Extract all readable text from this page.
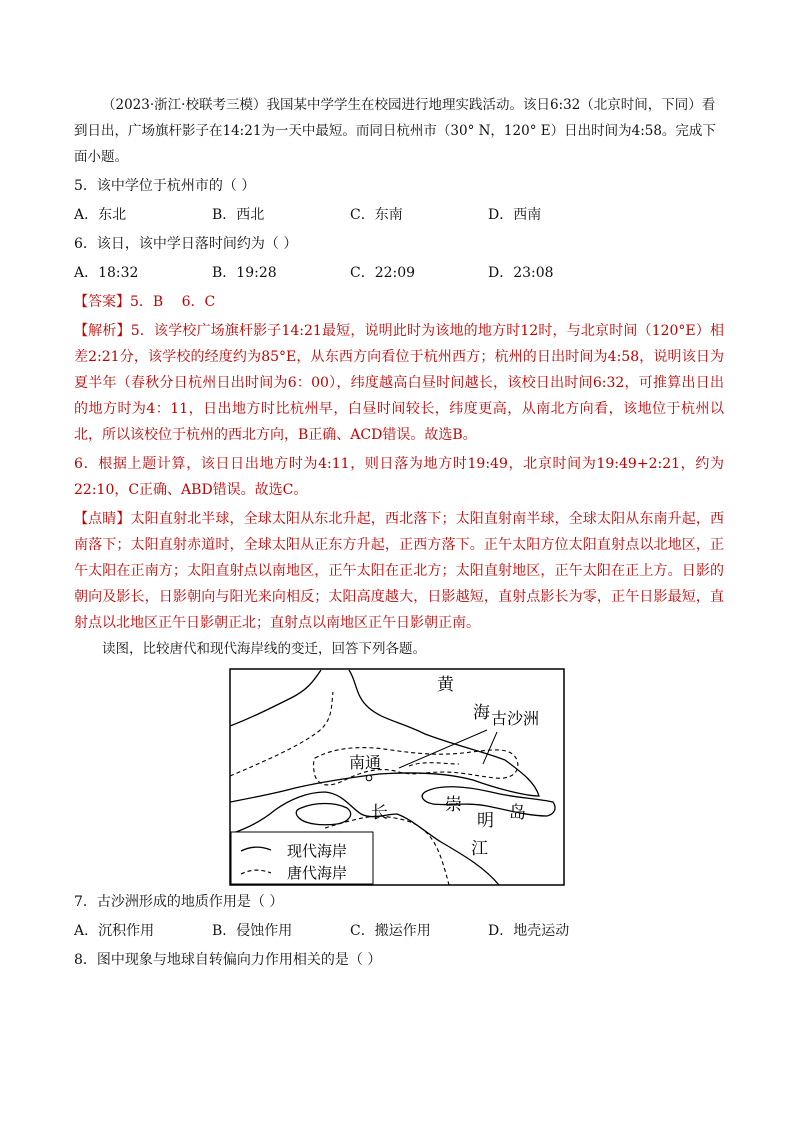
（2023·浙江·校联考三模）我国某中学学生在校园进行地理实践活动。该日6:32（北京时间，下同）看到日出，广场旗杆影子在14:21为一天中最短。而同日杭州市（30° N，120° E）日出时间为4:58。完成下面小题。

5．该中学位于杭州市的（ ）

A．东北	B．西北	C．东南	D．西南

6．该日，该中学日落时间约为（ ）

A．18:32	B．19:28	C．22:09	D．23:08

【答案】5．B　 6．C

【解析】5．该学校广场旗杆影子14:21最短，说明此时为该地的地方时12时，与北京时间（120°E）相差2:21分，该学校的经度约为85°E，从东西方向看位于杭州西方；杭州的日出时间为4:58，说明该日为夏半年（春秋分日杭州日出时间为6：00），纬度越高白昼时间越长，该校日出时间6:32，可推算出日出的地方时为4：11，日出地方时比杭州早，白昼时间较长，纬度更高，从南北方向看，该地位于杭州以北，所以该校位于杭州的西北方向，B正确、ACD错误。故选B。

6．根据上题计算，该日日出地方时为4:11，则日落为地方时19:49，北京时间为19:49+2:21，约为22:10，C正确、ABD错误。故选C。

【点睛】太阳直射北半球，全球太阳从东北升起，西北落下；太阳直射南半球，全球太阳从东南升起，西南落下；太阳直射赤道时，全球太阳从正东方升起，正西方落下。正午太阳方位太阳直射点以北地区，正午太阳在正南方；太阳直射点以南地区，正午太阳在正北方；太阳直射地区，正午太阳在正上方。日影的朝向及影长，日影朝向与阳光来向相反；太阳高度越大，日影越短，直射点影长为零，正午日影最短，直射点以北地区正午日影朝正北；直射点以南地区正午日影朝正南。

读图，比较唐代和现代海岸线的变迁，回答下列各题。

黄
海 古沙洲
南通
长
江
崇
明 岛
现代海岸
唐代海岸

7．古沙洲形成的地质作用是（ ）

A．沉积作用	B．侵蚀作用	C．搬运作用	D．地壳运动

8．图中现象与地球自转偏向力作用相关的是（ ）
